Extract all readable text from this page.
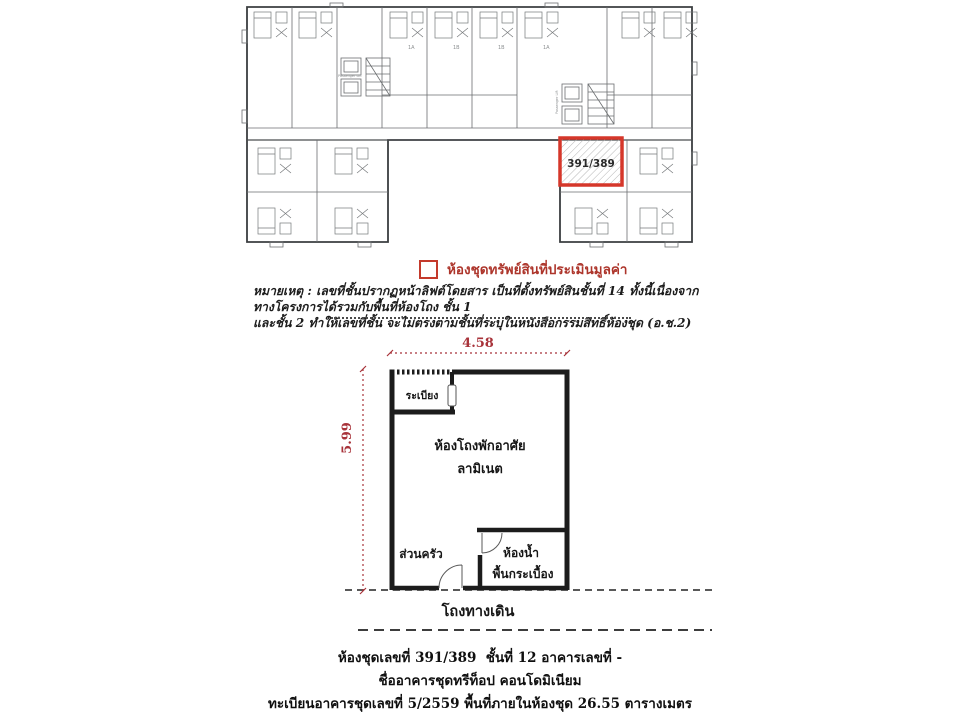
1A	1B	1B	1A
Passenger Lift
Passenger Lift
391/389
ห้องชุดทรัพย์สินที่ประเมินมูลค่า
หมายเหตุ : เลขที่ชั้นปรากฏหน้าลิฟต์โดยสาร เป็นที่ตั้งทรัพย์สินชั้นที่ 14 ทั้งนี้เนื่องจากทางโครงการได้รวมกับพื้นที่ห้องโถง ชั้น 1
และชั้น 2 ทำให้เลขที่ชั้น จะไม่ตรงตามชั้นที่ระบุในหนังสือกรรมสิทธิ์ห้องชุด (อ.ช.2)
4.58
5.99
ระเบียง
ห้องโถงพักอาศัย
ลามิเนต
ส่วนครัว	ห้องน้ำ
พื้นกระเบื้อง
โถงทางเดิน
ห้องชุดเลขที่ 391/389  ชั้นที่ 12 อาคารเลขที่ -
ชื่ออาคารชุดทรีท็อป คอนโดมิเนียม
ทะเบียนอาคารชุดเลขที่ 5/2559 พื้นที่ภายในห้องชุด 26.55 ตารางเมตร
